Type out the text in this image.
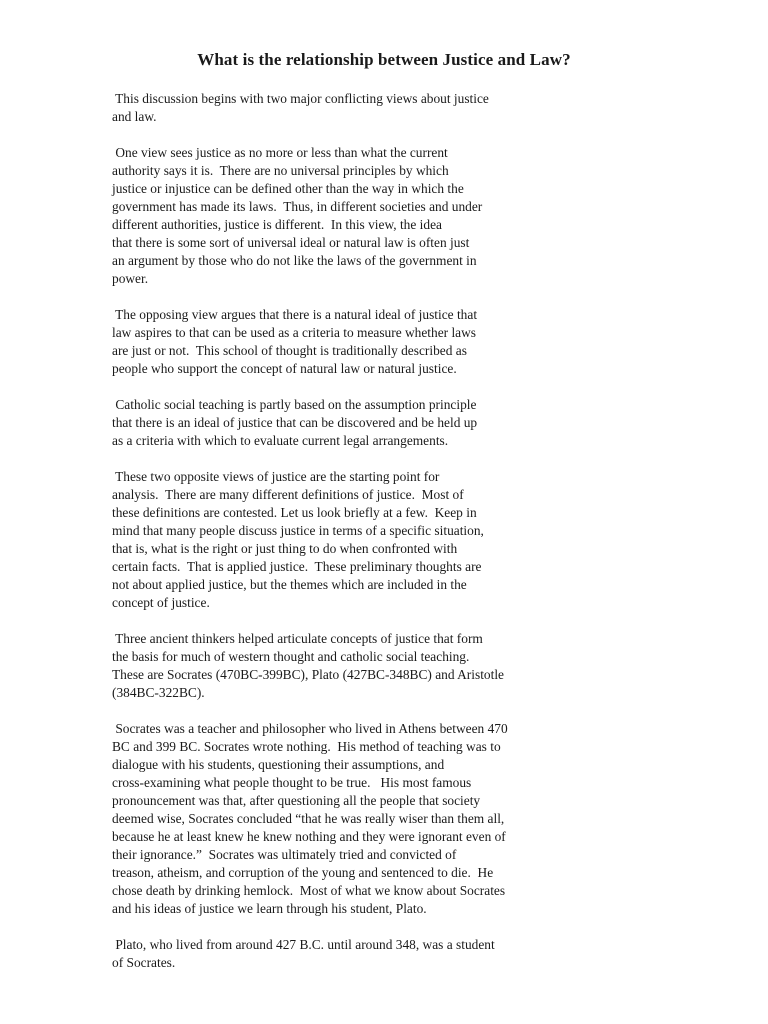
What is the relationship between Justice and Law?

This discussion begins with two major conflicting views about justice
and law.

One view sees justice as no more or less than what the current
authority says it is.  There are no universal principles by which
justice or injustice can be defined other than the way in which the
government has made its laws.  Thus, in different societies and under
different authorities, justice is different.  In this view, the idea
that there is some sort of universal ideal or natural law is often just
an argument by those who do not like the laws of the government in
power.

The opposing view argues that there is a natural ideal of justice that
law aspires to that can be used as a criteria to measure whether laws
are just or not.  This school of thought is traditionally described as
people who support the concept of natural law or natural justice.

Catholic social teaching is partly based on the assumption principle
that there is an ideal of justice that can be discovered and be held up
as a criteria with which to evaluate current legal arrangements.

These two opposite views of justice are the starting point for
analysis.  There are many different definitions of justice.  Most of
these definitions are contested. Let us look briefly at a few.  Keep in
mind that many people discuss justice in terms of a specific situation,
that is, what is the right or just thing to do when confronted with
certain facts.  That is applied justice.  These preliminary thoughts are
not about applied justice, but the themes which are included in the
concept of justice.

Three ancient thinkers helped articulate concepts of justice that form
the basis for much of western thought and catholic social teaching.
These are Socrates (470BC-399BC), Plato (427BC-348BC) and Aristotle
(384BC-322BC).

Socrates was a teacher and philosopher who lived in Athens between 470
BC and 399 BC. Socrates wrote nothing.  His method of teaching was to
dialogue with his students, questioning their assumptions, and
cross-examining what people thought to be true.   His most famous
pronouncement was that, after questioning all the people that society
deemed wise, Socrates concluded “that he was really wiser than them all,
because he at least knew he knew nothing and they were ignorant even of
their ignorance.”  Socrates was ultimately tried and convicted of
treason, atheism, and corruption of the young and sentenced to die.  He
chose death by drinking hemlock.  Most of what we know about Socrates
and his ideas of justice we learn through his student, Plato.

Plato, who lived from around 427 B.C. until around 348, was a student
of Socrates.
